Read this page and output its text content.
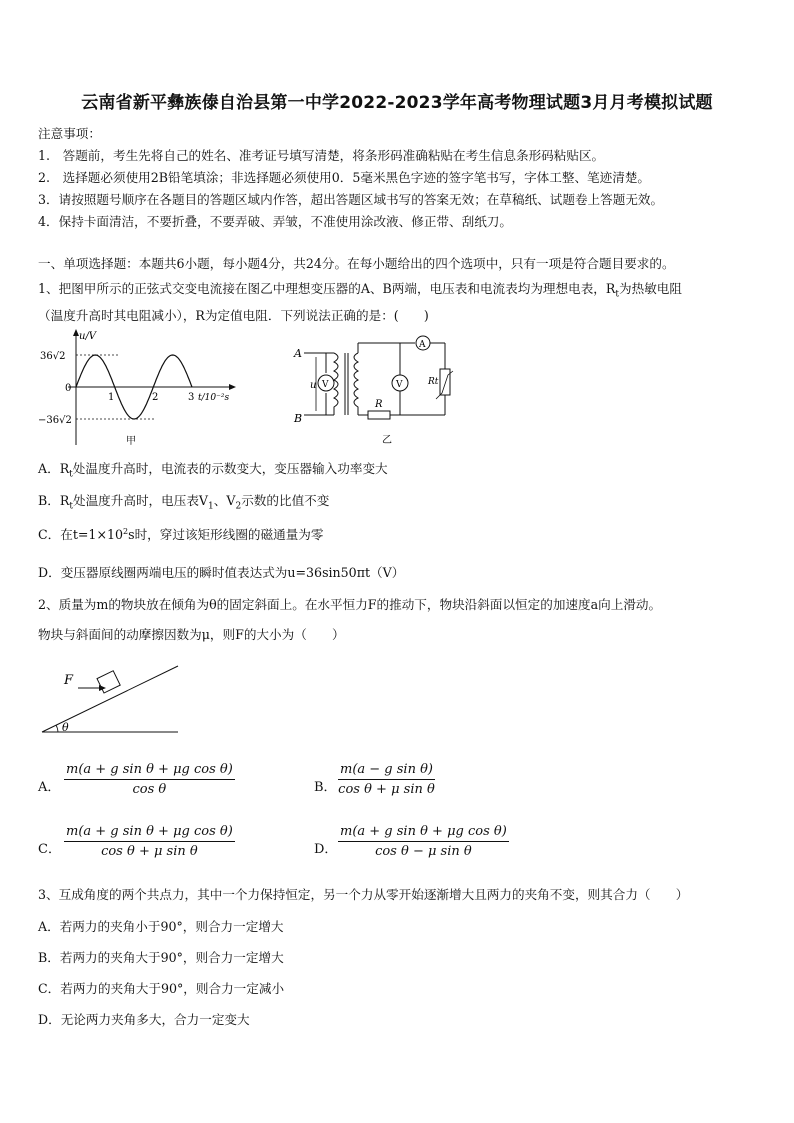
云南省新平彝族傣自治县第一中学2022-2023学年高考物理试题3月月考模拟试题
注意事项：
1.　答题前，考生先将自己的姓名、准考证号填写清楚，将条形码准确粘贴在考生信息条形码粘贴区。
2.　选择题必须使用2B铅笔填涂；非选择题必须使用0．5毫米黑色字迹的签字笔书写，字体工整、笔迹清楚。
3．请按照题号顺序在各题目的答题区域内作答，超出答题区域书写的答案无效；在草稿纸、试题卷上答题无效。
4．保持卡面清洁，不要折叠，不要弄破、弄皱，不准使用涂改液、修正带、刮纸刀。
一、单项选择题：本题共6小题，每小题4分，共24分。在每小题给出的四个选项中，只有一项是符合题目要求的。
1、把图甲所示的正弦式交变电流接在图乙中理想变压器的A、B两端，电压表和电流表均为理想电表，$R_t$为热敏电阻
（温度升高时其电阻减小），R为定值电阻．下列说法正确的是：(　　)
u/V
36√2
0
−36√2
1	2	3 t/10⁻²s
甲
A
B
u V
A
Rt
V
R
乙
A．$R_t$处温度升高时，电流表的示数变大，变压器输入功率变大
B．$R_t$处温度升高时，电压表$V_1$、$V_2$示数的比值不变
C．在$t=1\times 10^2s$时，穿过该矩形线圈的磁通量为零
D．变压器原线圈两端电压的瞬时值表达式为u=36sin50πt（V）
2、质量为m的物块放在倾角为θ的固定斜面上。在水平恒力F的推动下，物块沿斜面以恒定的加速度a向上滑动。
物块与斜面间的动摩擦因数为μ，则F的大小为（　　）
F
θ
A． $\frac{\text{m(a + g sin θ + μg cos θ)}}{\text{cos θ}}$	B． $\frac{\text{m(a − g sin θ)}}{\text{cos θ + μ sin θ}}$
C． $\frac{\text{m(a + g sin θ + μg cos θ)}}{\text{cos θ + μ sin θ}}$	D． $\frac{\text{m(a + g sin θ + μg cos θ)}}{\text{cos θ − μ sin θ}}$
3、互成角度的两个共点力，其中一个力保持恒定，另一个力从零开始逐渐增大且两力的夹角不变，则其合力（　　）
A．若两力的夹角小于90°，则合力一定增大
B．若两力的夹角大于90°，则合力一定增大
C．若两力的夹角大于90°，则合力一定减小
D．无论两力夹角多大，合力一定变大
